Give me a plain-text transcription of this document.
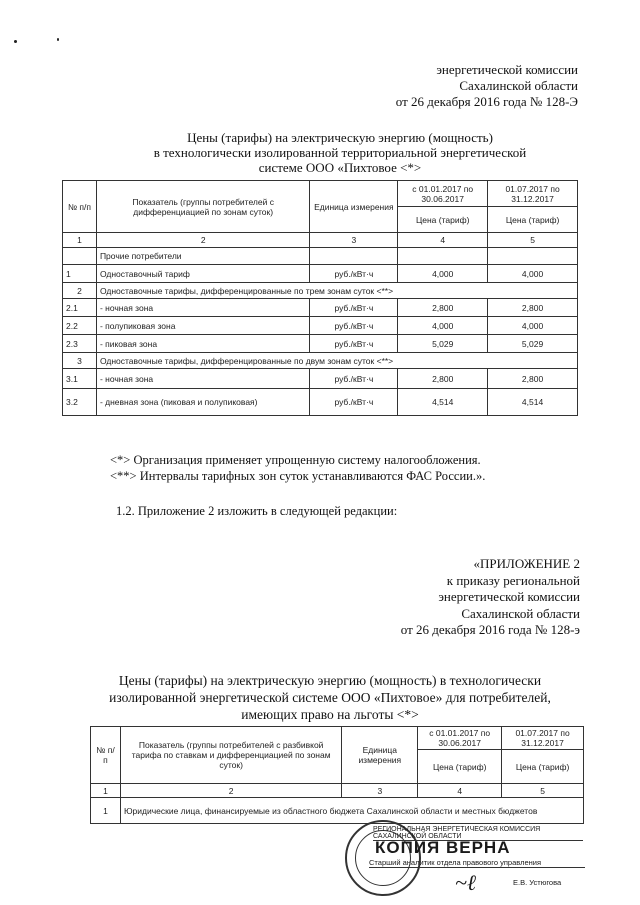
энергетической комиссии
Сахалинской области
от 26 декабря 2016 года № 128-Э
Цены (тарифы) на электрическую энергию (мощность)
в технологически изолированной территориальной энергетической
системе ООО «Пихтовое <*>
№ п/п	Показатель (группы потребителей с дифференциацией по зонам суток)	Единица измерения	с 01.01.2017 по 30.06.2017	01.07.2017 по 31.12.2017
			Цена (тариф)	Цена (тариф)
1	2	3	4	5
	Прочие потребители			
1	Одноставочный тариф	руб./кВт·ч	4,000	4,000
2	Одноставочные тарифы, дифференцированные по трем зонам суток <**>			
2.1	- ночная зона	руб./кВт·ч	2,800	2,800
2.2	- полупиковая зона	руб./кВт·ч	4,000	4,000
2.3	- пиковая зона	руб./кВт·ч	5,029	5,029
3	Одноставочные тарифы, дифференцированные по двум зонам суток <**>			
3.1	- ночная зона	руб./кВт·ч	2,800	2,800
3.2	- дневная зона (пиковая и полупиковая)	руб./кВт·ч	4,514	4,514
<*> Организация применяет упрощенную систему налогообложения.
<**> Интервалы тарифных зон суток устанавливаются ФАС России.».
1.2. Приложение 2 изложить в следующей редакции:
«ПРИЛОЖЕНИЕ 2
к приказу региональной
энергетической комиссии
Сахалинской области
от 26 декабря 2016 года № 128-э
Цены (тарифы) на электрическую энергию (мощность) в технологически
изолированной энергетической системе ООО «Пихтовое» для потребителей,
имеющих право на льготы <*>
№ п/п	Показатель (группы потребителей с разбивкой тарифа по ставкам и дифференциацией по зонам суток)	Единица измерения	с 01.01.2017 по 30.06.2017	01.07.2017 по 31.12.2017
			Цена (тариф)	Цена (тариф)
1	2	3	4	5
1	Юридические лица, финансируемые из областного бюджета Сахалинской области и местных бюджетов			
РЕГИОНАЛЬНАЯ ЭНЕРГЕТИЧЕСКАЯ КОМИССИЯ САХАЛИНСКОЙ ОБЛАСТИ
КОПИЯ ВЕРНА
Старший аналитик отдела правового управления
~ℓ	Е.В. Устюгова
